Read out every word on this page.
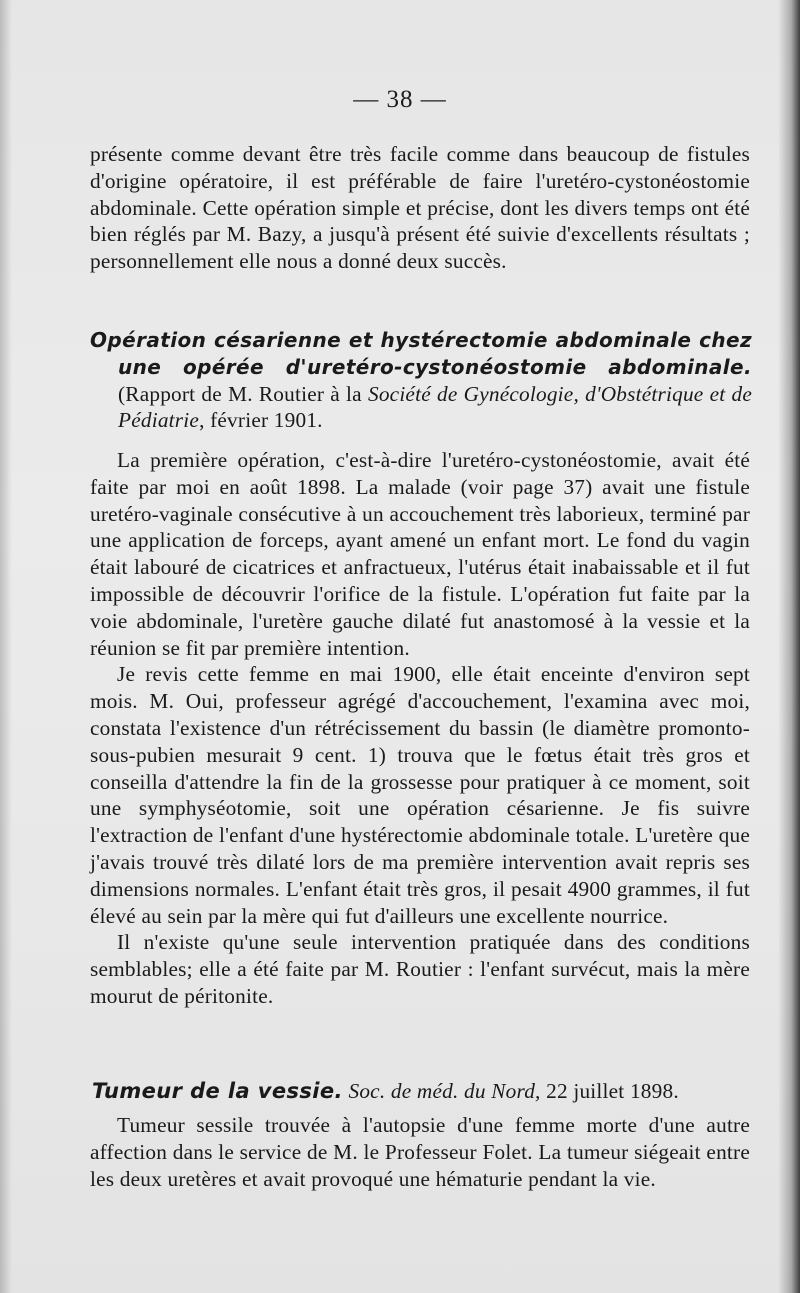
— 38 —

présente comme devant être très facile comme dans beaucoup de fistules d'origine opératoire, il est préférable de faire l'uretéro-cystonéostomie abdominale. Cette opération simple et précise, dont les divers temps ont été bien réglés par M. Bazy, a jusqu'à présent été suivie d'excellents résultats ; personnellement elle nous a donné deux succès.

Opération césarienne et hystérectomie abdominale chez une opérée d'uretéro-cystonéostomie abdominale. (Rapport de M. Routier à la Société de Gynécologie, d'Obstétrique et de Pédiatrie, février 1901.

La première opération, c'est-à-dire l'uretéro-cystonéostomie, avait été faite par moi en août 1898. La malade (voir page 37) avait une fistule uretéro-vaginale consécutive à un accouchement très laborieux, terminé par une application de forceps, ayant amené un enfant mort. Le fond du vagin était labouré de cicatrices et anfractueux, l'utérus était inabaissable et il fut impossible de découvrir l'orifice de la fistule. L'opération fut faite par la voie abdominale, l'uretère gauche dilaté fut anastomosé à la vessie et la réunion se fit par première intention.

Je revis cette femme en mai 1900, elle était enceinte d'environ sept mois. M. Oui, professeur agrégé d'accouchement, l'examina avec moi, constata l'existence d'un rétrécissement du bassin (le diamètre promonto-sous-pubien mesurait 9 cent. 1) trouva que le fœtus était très gros et conseilla d'attendre la fin de la grossesse pour pratiquer à ce moment, soit une symphyséotomie, soit une opération césarienne. Je fis suivre l'extraction de l'enfant d'une hystérectomie abdominale totale. L'uretère que j'avais trouvé très dilaté lors de ma première intervention avait repris ses dimensions normales. L'enfant était très gros, il pesait 4900 grammes, il fut élevé au sein par la mère qui fut d'ailleurs une excellente nourrice.

Il n'existe qu'une seule intervention pratiquée dans des conditions semblables; elle a été faite par M. Routier : l'enfant survécut, mais la mère mourut de péritonite.

Tumeur de la vessie. Soc. de méd. du Nord, 22 juillet 1898.

Tumeur sessile trouvée à l'autopsie d'une femme morte d'une autre affection dans le service de M. le Professeur Folet. La tumeur siégeait entre les deux uretères et avait provoqué une hématurie pendant la vie.
